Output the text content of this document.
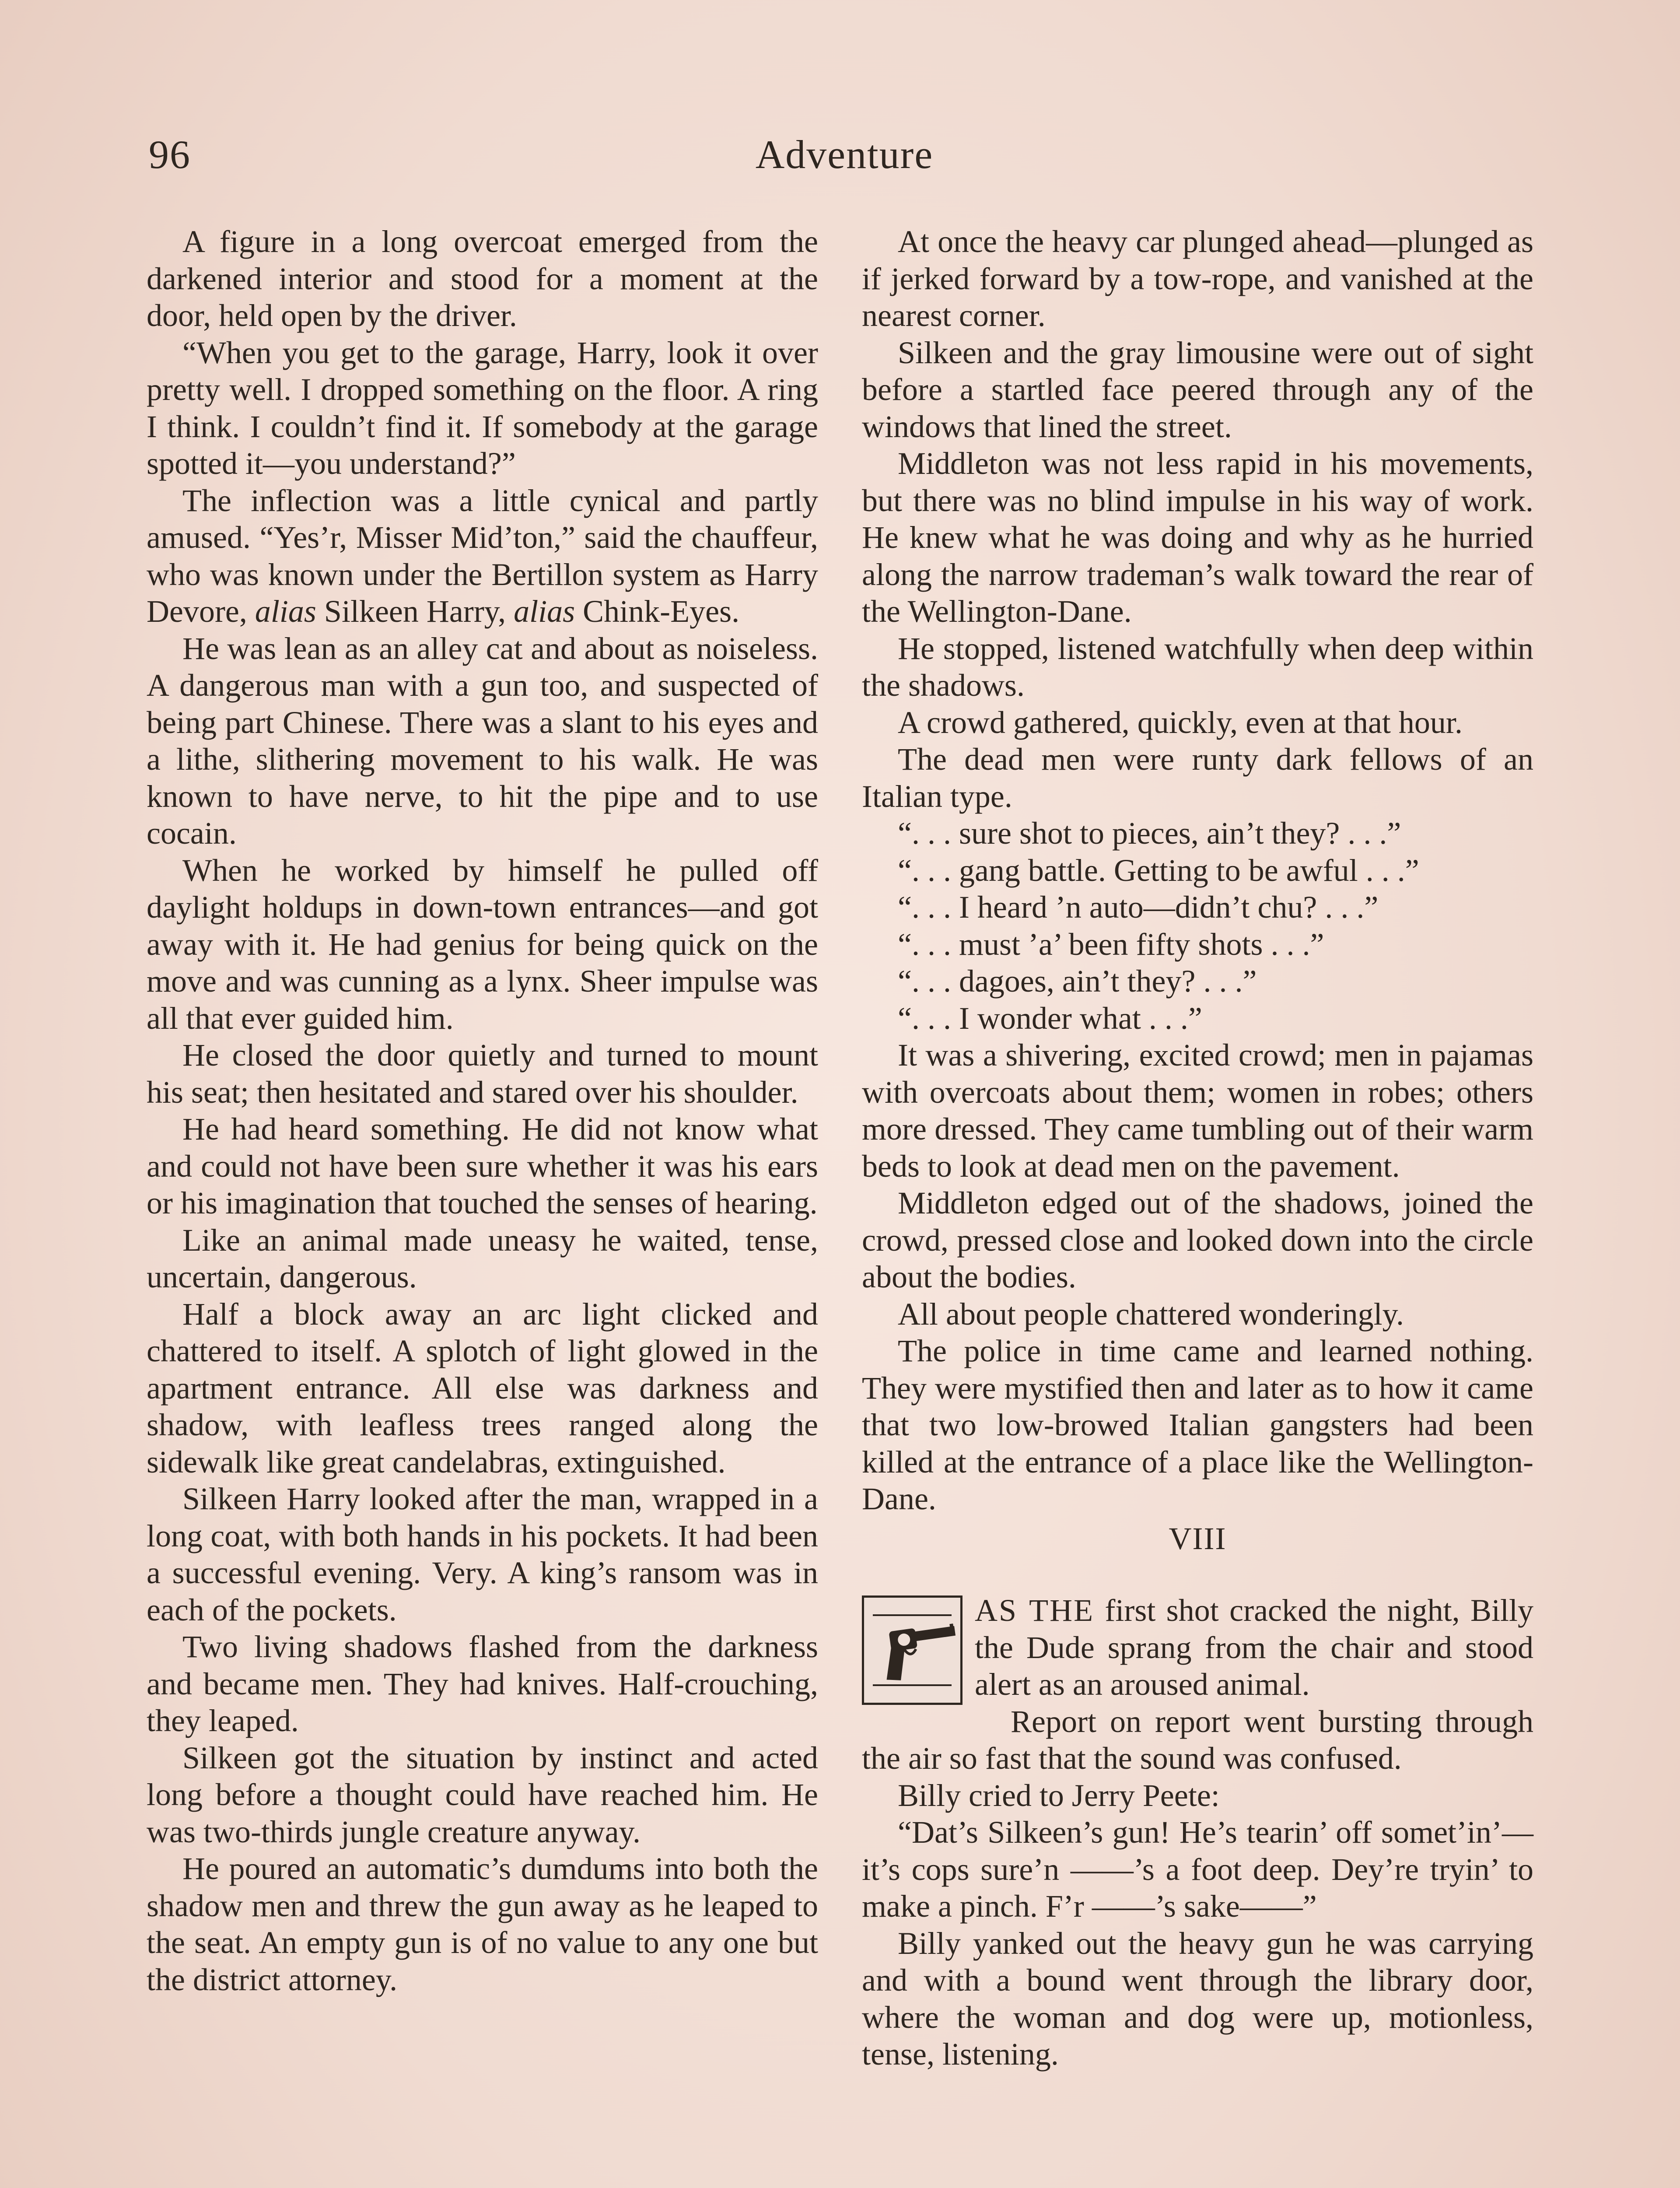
96	Adventure

A figure in a long overcoat emerged from the darkened interior and stood for a moment at the door, held open by the driver.

“When you get to the garage, Harry, look it over pretty well. I dropped something on the floor. A ring I think. I couldn’t find it. If somebody at the garage spotted it—you understand?”

The inflection was a little cynical and partly amused. “Yes’r, Misser Mid’ton,” said the chauffeur, who was known under the Bertillon system as Harry Devore, alias Silkeen Harry, alias Chink-Eyes.

He was lean as an alley cat and about as noiseless. A dangerous man with a gun too, and suspected of being part Chinese. There was a slant to his eyes and a lithe, slithering movement to his walk. He was known to have nerve, to hit the pipe and to use cocain.

When he worked by himself he pulled off daylight holdups in down-town entrances—and got away with it. He had genius for being quick on the move and was cunning as a lynx. Sheer impulse was all that ever guided him.

He closed the door quietly and turned to mount his seat; then hesitated and stared over his shoulder.

He had heard something. He did not know what and could not have been sure whether it was his ears or his imagination that touched the senses of hearing.

Like an animal made uneasy he waited, tense, uncertain, dangerous.

Half a block away an arc light clicked and chattered to itself. A splotch of light glowed in the apartment entrance. All else was darkness and shadow, with leafless trees ranged along the sidewalk like great candelabras, extinguished.

Silkeen Harry looked after the man, wrapped in a long coat, with both hands in his pockets. It had been a successful evening. Very. A king’s ransom was in each of the pockets.

Two living shadows flashed from the darkness and became men. They had knives. Half-crouching, they leaped.

Silkeen got the situation by instinct and acted long before a thought could have reached him. He was two-thirds jungle creature anyway.

He poured an automatic’s dumdums into both the shadow men and threw the gun away as he leaped to the seat. An empty gun is of no value to any one but the district attorney.

At once the heavy car plunged ahead—plunged as if jerked forward by a tow-rope, and vanished at the nearest corner.

Silkeen and the gray limousine were out of sight before a startled face peered through any of the windows that lined the street.

Middleton was not less rapid in his movements, but there was no blind impulse in his way of work. He knew what he was doing and why as he hurried along the narrow trademan’s walk toward the rear of the Wellington-Dane.

He stopped, listened watchfully when deep within the shadows.

A crowd gathered, quickly, even at that hour.

The dead men were runty dark fellows of an Italian type.

“. . . sure shot to pieces, ain’t they? . . .”

“. . . gang battle. Getting to be awful . . .”

“. . . I heard ’n auto—didn’t chu? . . .”

“. . . must ’a’ been fifty shots . . .”

“. . . dagoes, ain’t they? . . .”

“. . . I wonder what . . .”

It was a shivering, excited crowd; men in pajamas with overcoats about them; women in robes; others more dressed. They came tumbling out of their warm beds to look at dead men on the pavement.

Middleton edged out of the shadows, joined the crowd, pressed close and looked down into the circle about the bodies.

All about people chattered wonderingly.

The police in time came and learned nothing. They were mystified then and later as to how it came that two low-browed Italian gangsters had been killed at the entrance of a place like the Wellington-Dane.

VIII

AS THE first shot cracked the night, Billy the Dude sprang from the chair and stood alert as an aroused animal.

Report on report went bursting through the air so fast that the sound was confused.

Billy cried to Jerry Peete:

“Dat’s Silkeen’s gun! He’s tearin’ off somet’in’—it’s cops sure’n ——’s a foot deep. Dey’re tryin’ to make a pinch. F’r ——’s sake——”

Billy yanked out the heavy gun he was carrying and with a bound went through the library door, where the woman and dog were up, motionless, tense, listening.
